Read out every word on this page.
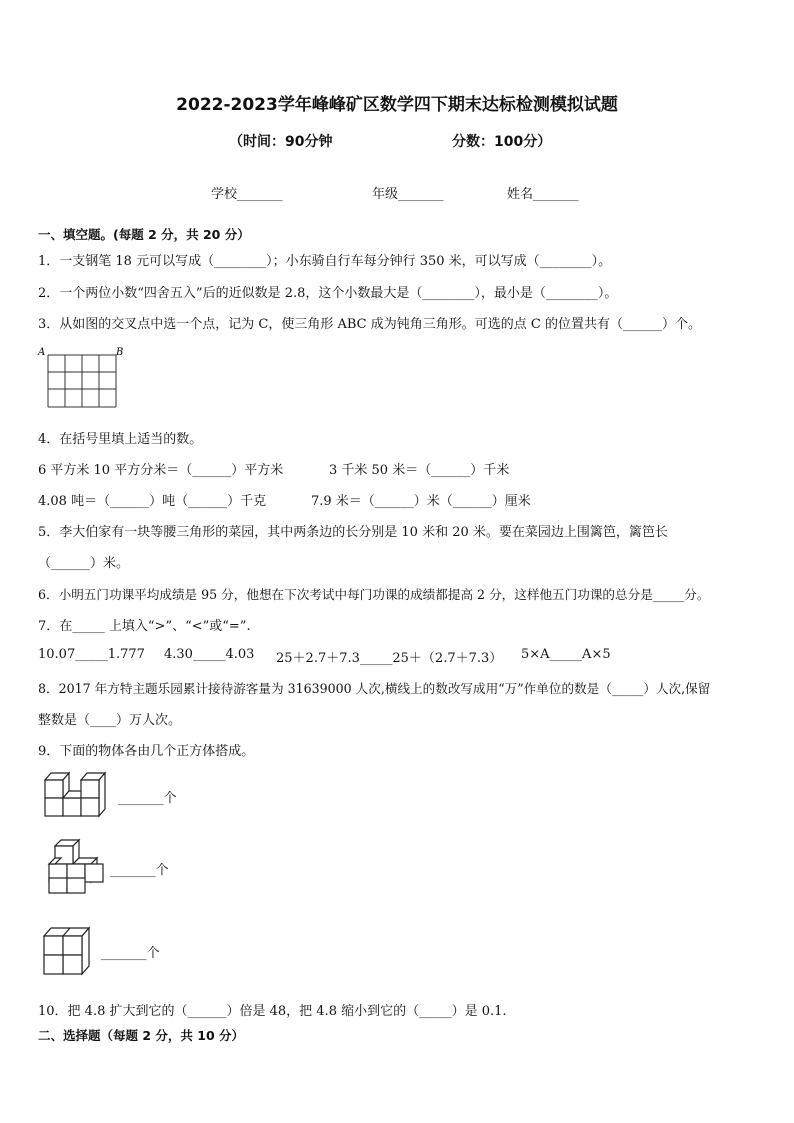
2022-2023学年峰峰矿区数学四下期末达标检测模拟试题
（时间：90分钟	分数：100分）
学校_______	年级_______	姓名_______
一、填空题。(每题 2 分，共 20 分）
1．一支钢笔 18 元可以写成（________）；小东骑自行车每分钟行 350 米，可以写成（________）。
2．一个两位小数“四舍五入”后的近似数是 2.8，这个小数最大是（________），最小是（________）。
3．从如图的交叉点中选一个点，记为 C，使三角形 ABC 成为钝角三角形。可选的点 C 的位置共有（______）个。
A	B
4．在括号里填上适当的数。
6 平方米 10 平方分米＝（______）平方米	3 千米 50 米＝（______）千米
4.08 吨＝（______）吨（______）千克	7.9 米＝（______）米（______）厘米
5．李大伯家有一块等腰三角形的菜园，其中两条边的长分别是 10 米和 20 米。要在菜园边上围篱笆，篱笆长
（______）米。
6．小明五门功课平均成绩是 95 分，他想在下次考试中每门功课的成绩都提高 2 分，这样他五门功课的总分是_____分。
7．在_____ 上填入“>”、“<”或“=”.
10.07_____1.777 4.30_____4.03 25＋2.7＋7.3_____25＋（2.7＋7.3） 5×A_____A×5
8．2017 年方特主题乐园累计接待游客量为 31639000 人次,横线上的数改写成用“万”作单位的数是（_____）人次,保留
整数是（____）万人次。
9．下面的物体各由几个正方体搭成。
_______个
_______个
_______个
10．把 4.8 扩大到它的（______）倍是 48，把 4.8 缩小到它的（_____）是 0.1.
二、选择题（每题 2 分，共 10 分）
